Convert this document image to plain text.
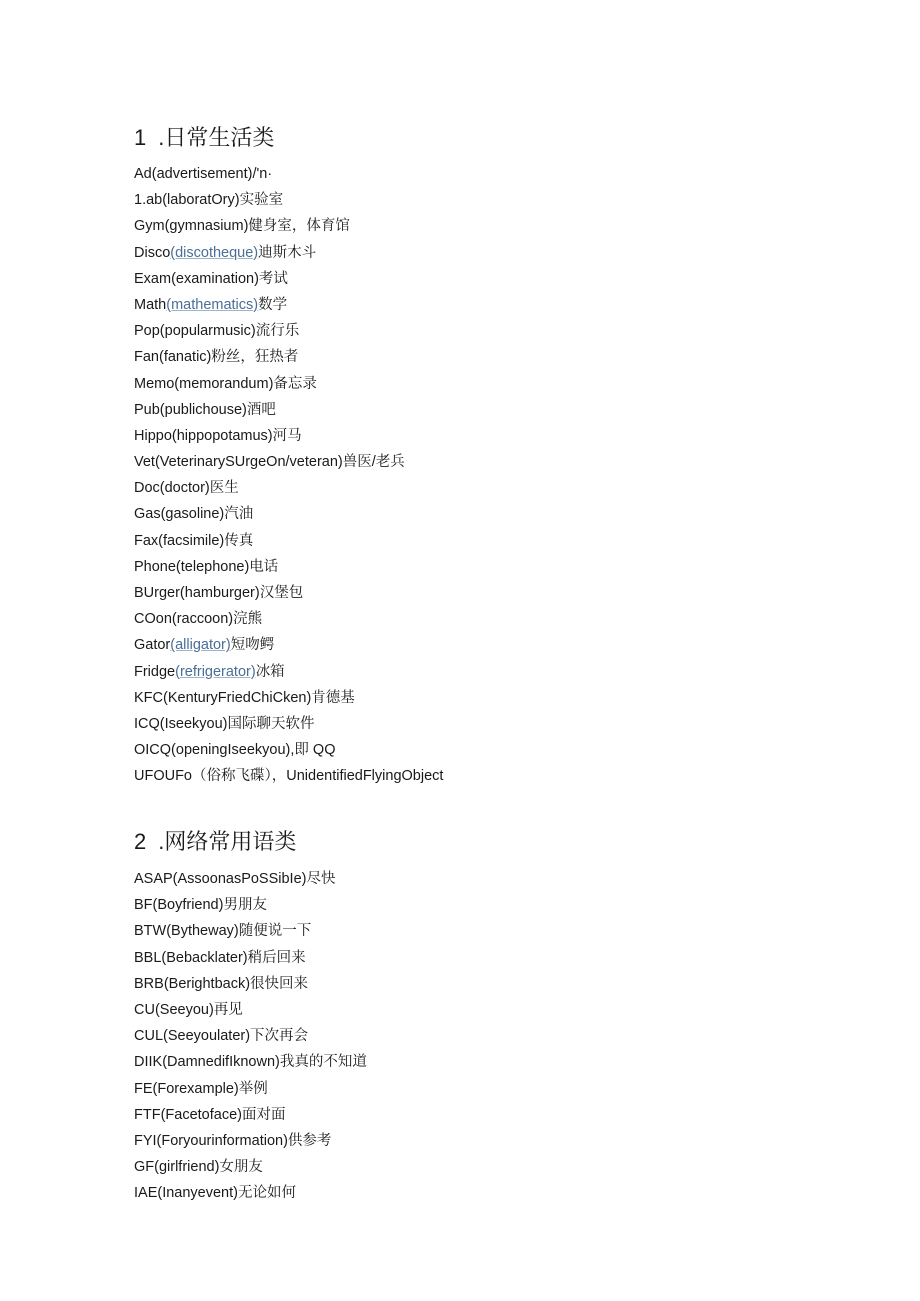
1 .日常生活类
Ad(advertisement)/'n·
1.ab(laboratOry)实验室
Gym(gymnasium)健身室，体育馆
Disco(discotheque)迪斯木斗
Exam(examination)考试
Math(mathematics)数学
Pop(popularmusic)流行乐
Fan(fanatic)粉丝，狂热者
Memo(memorandum)备忘录
Pub(publichouse)酒吧
Hippo(hippopotamus)河马
Vet(VeterinarySUrgeOn/veteran)兽医/老兵
Doc(doctor)医生
Gas(gasoline)汽油
Fax(facsimile)传真
Phone(telephone)电话
BUrger(hamburger)汉堡包
COon(raccoon)浣熊
Gator(alligator)短吻鳄
Fridge(refrigerator)冰箱
KFC(KenturyFriedChiCken)肯德基
ICQ(Iseekyou)国际聊天软件
OICQ(openingIseekyou),即 QQ
UFOUFo（俗称飞碟），UnidentifiedFlyingObject
2 .网络常用语类
ASAP(AssoonasPoSSibIe)尽快
BF(Boyfriend)男朋友
BTW(Bytheway)随便说一下
BBL(Bebacklater)稍后回来
BRB(Berightback)很快回来
CU(Seeyou)再见
CUL(Seeyoulater)下次再会
DIIK(DamnedifIknown)我真的不知道
FE(Forexample)举例
FTF(Facetoface)面对面
FYI(Foryourinformation)供参考
GF(girlfriend)女朋友
IAE(Inanyevent)无论如何
